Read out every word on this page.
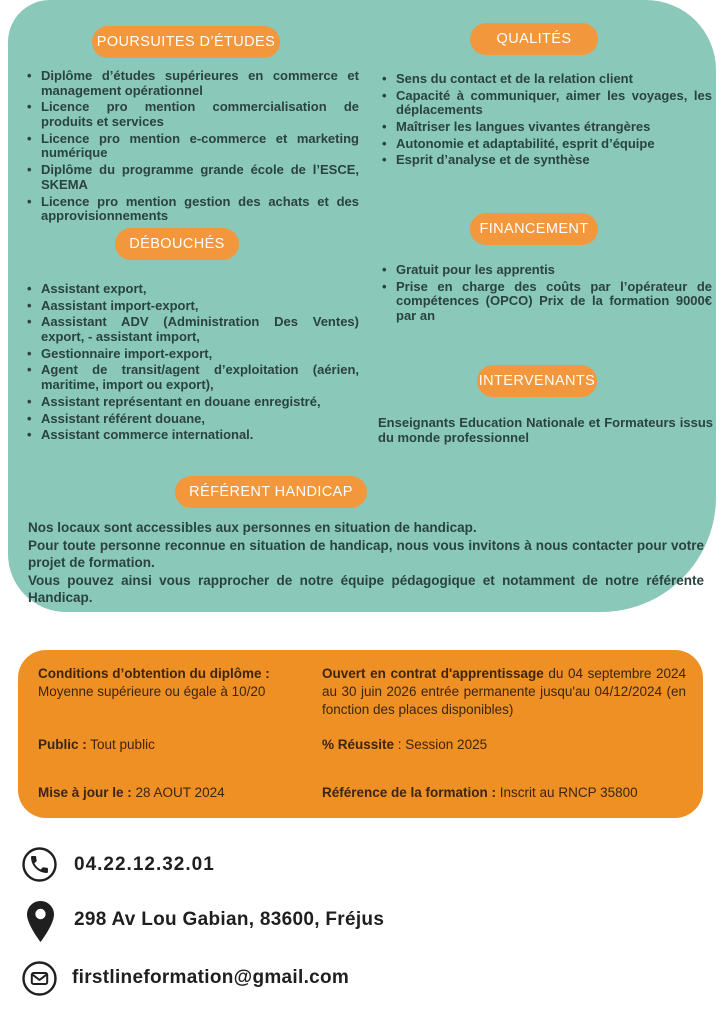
POURSUITES D’ÉTUDES
• Diplôme d’études supérieures en commerce et management opérationnel
• Licence pro mention commercialisation de produits et services
• Licence pro mention e-commerce et marketing numérique
• Diplôme du programme grande école de l’ESCE, SKEMA
• Licence pro mention gestion des achats et des approvisionnements
QUALITÉS
• Sens du contact et de la relation client
• Capacité à communiquer, aimer les voyages, les déplacements
• Maîtriser les langues vivantes étrangères
• Autonomie et adaptabilité, esprit d’équipe
• Esprit d’analyse et de synthèse
DÉBOUCHÉS
• Assistant export,
• Aassistant import-export,
• Aassistant ADV (Administration Des Ventes) export, - assistant import,
• Gestionnaire import-export,
• Agent de transit/agent d’exploitation (aérien, maritime, import ou export),
• Assistant représentant en douane enregistré,
• Assistant référent douane,
• Assistant commerce international.
FINANCEMENT
• Gratuit pour les apprentis
• Prise en charge des coûts par l’opérateur de compétences (OPCO) Prix de la formation 9000€ par an
INTERVENANTS

Enseignants Education Nationale et Formateurs issus du monde professionnel

RÉFÉRENT HANDICAP

Nos locaux sont accessibles aux personnes en situation de handicap.

Pour toute personne reconnue en situation de handicap, nous vous invitons à nous contacter pour votre projet de formation.

Vous pouvez ainsi vous rapprocher de notre équipe pédagogique et notamment de notre référente Handicap.

Conditions d’obtention du diplôme :
Moyenne supérieure ou égale à 10/20

Ouvert en contrat d'apprentissage du 04 septembre 2024 au 30 juin 2026 entrée permanente jusqu'au 04/12/2024 (en fonction des places disponibles)

Public : Tout public	% Réussite : Session 2025

Mise à jour le : 28 AOUT 2024	Référence de la formation : Inscrit au RNCP 35800

04.22.12.32.01

298 Av Lou Gabian, 83600, Fréjus

firstlineformation@gmail.com
